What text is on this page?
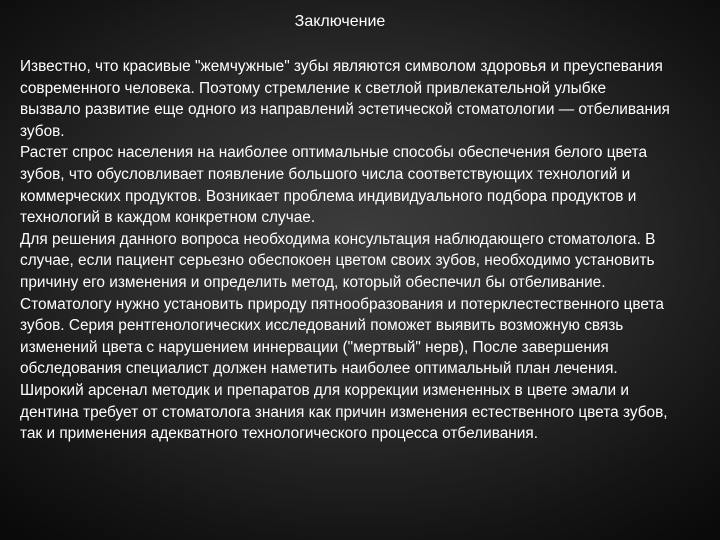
Заключение

Известно, что красивые "жемчужные" зубы являются символом здоровья и преуспевания современного человека. Поэтому стремление к светлой привлекательной улыбке вызвало развитие еще одного из направлений эстетической стоматологии — отбеливания зубов.

Растет спрос населения на наиболее оптимальные способы обеспечения белого цвета зубов, что обусловливает появление большого числа соответствующих технологий и коммерческих продуктов. Возникает проблема индивидуального подбора продуктов и технологий в каждом конкретном случае.

Для решения данного вопроса необходима консультация наблюдающего стоматолога. В случае, если пациент серьезно обеспокоен цветом своих зубов, необходимо установить причину его изменения и определить метод, который обеспечил бы отбеливание. Стоматологу нужно установить природу пятнообразования и потерклестественного цвета зубов. Серия рентгенологических исследований поможет выявить возможную связь изменений цвета с нарушением иннервации ("мертвый" нерв), После завершения обследования специалист должен наметить наиболее оптимальный план лечения.

Широкий арсенал методик и препаратов для коррекции измененных в цвете эмали и дентина требует от стоматолога знания как причин изменения естественного цвета зубов, так и применения адекватного технологического процесса отбеливания.
